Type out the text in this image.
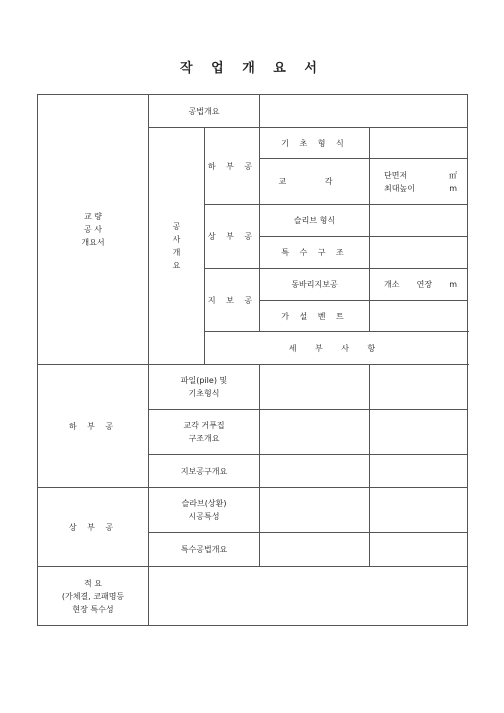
작 업 개 요 서
교 량
공 사
개요서	공법개요			
	공사개요	하 부 공	기 초 형 식	
			교 각	단면저 ㎡
최대높이 m

		상 부 공	슬리브 형식	
			특 수 구 조	
		지 보 공	동바리지보공	개소 연장 m

			가 설 벤 트	
		세 부 사 항		
하 부 공	파일(pile) 및
기초형식			

	교각 거푸집
구조개요			

	지보공구개요			
상 부 공	슬라브(상환)
시공특성			

	특수공법개요			

적 요
(가체결, 코패명등
현장 특수성				
